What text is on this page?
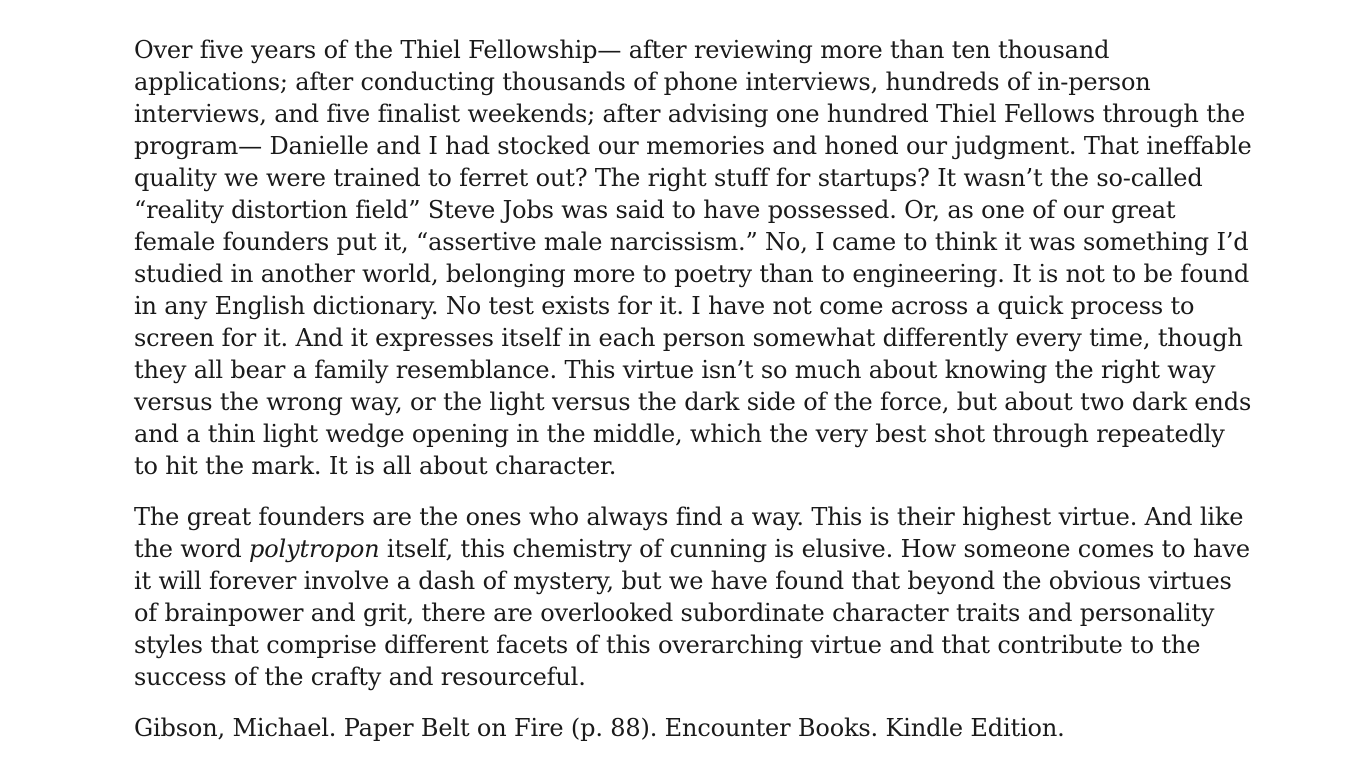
Over five years of the Thiel Fellowship— after reviewing more than ten thousand applications; after conducting thousands of phone interviews, hundreds of in-person interviews, and five finalist weekends; after advising one hundred Thiel Fellows through the program— Danielle and I had stocked our memories and honed our judgment. That ineffable quality we were trained to ferret out? The right stuff for startups? It wasn’t the so-called “reality distortion field” Steve Jobs was said to have possessed. Or, as one of our great female founders put it, “assertive male narcissism.” No, I came to think it was something I’d studied in another world, belonging more to poetry than to engineering. It is not to be found in any English dictionary. No test exists for it. I have not come across a quick process to screen for it. And it expresses itself in each person somewhat differently every time, though they all bear a family resemblance. This virtue isn’t so much about knowing the right way versus the wrong way, or the light versus the dark side of the force, but about two dark ends and a thin light wedge opening in the middle, which the very best shot through repeatedly to hit the mark. It is all about character.

The great founders are the ones who always find a way. This is their highest virtue. And like the word polytropon itself, this chemistry of cunning is elusive. How someone comes to have it will forever involve a dash of mystery, but we have found that beyond the obvious virtues of brainpower and grit, there are overlooked subordinate character traits and personality styles that comprise different facets of this overarching virtue and that contribute to the success of the crafty and resourceful.

Gibson, Michael. Paper Belt on Fire (p. 88). Encounter Books. Kindle Edition.
